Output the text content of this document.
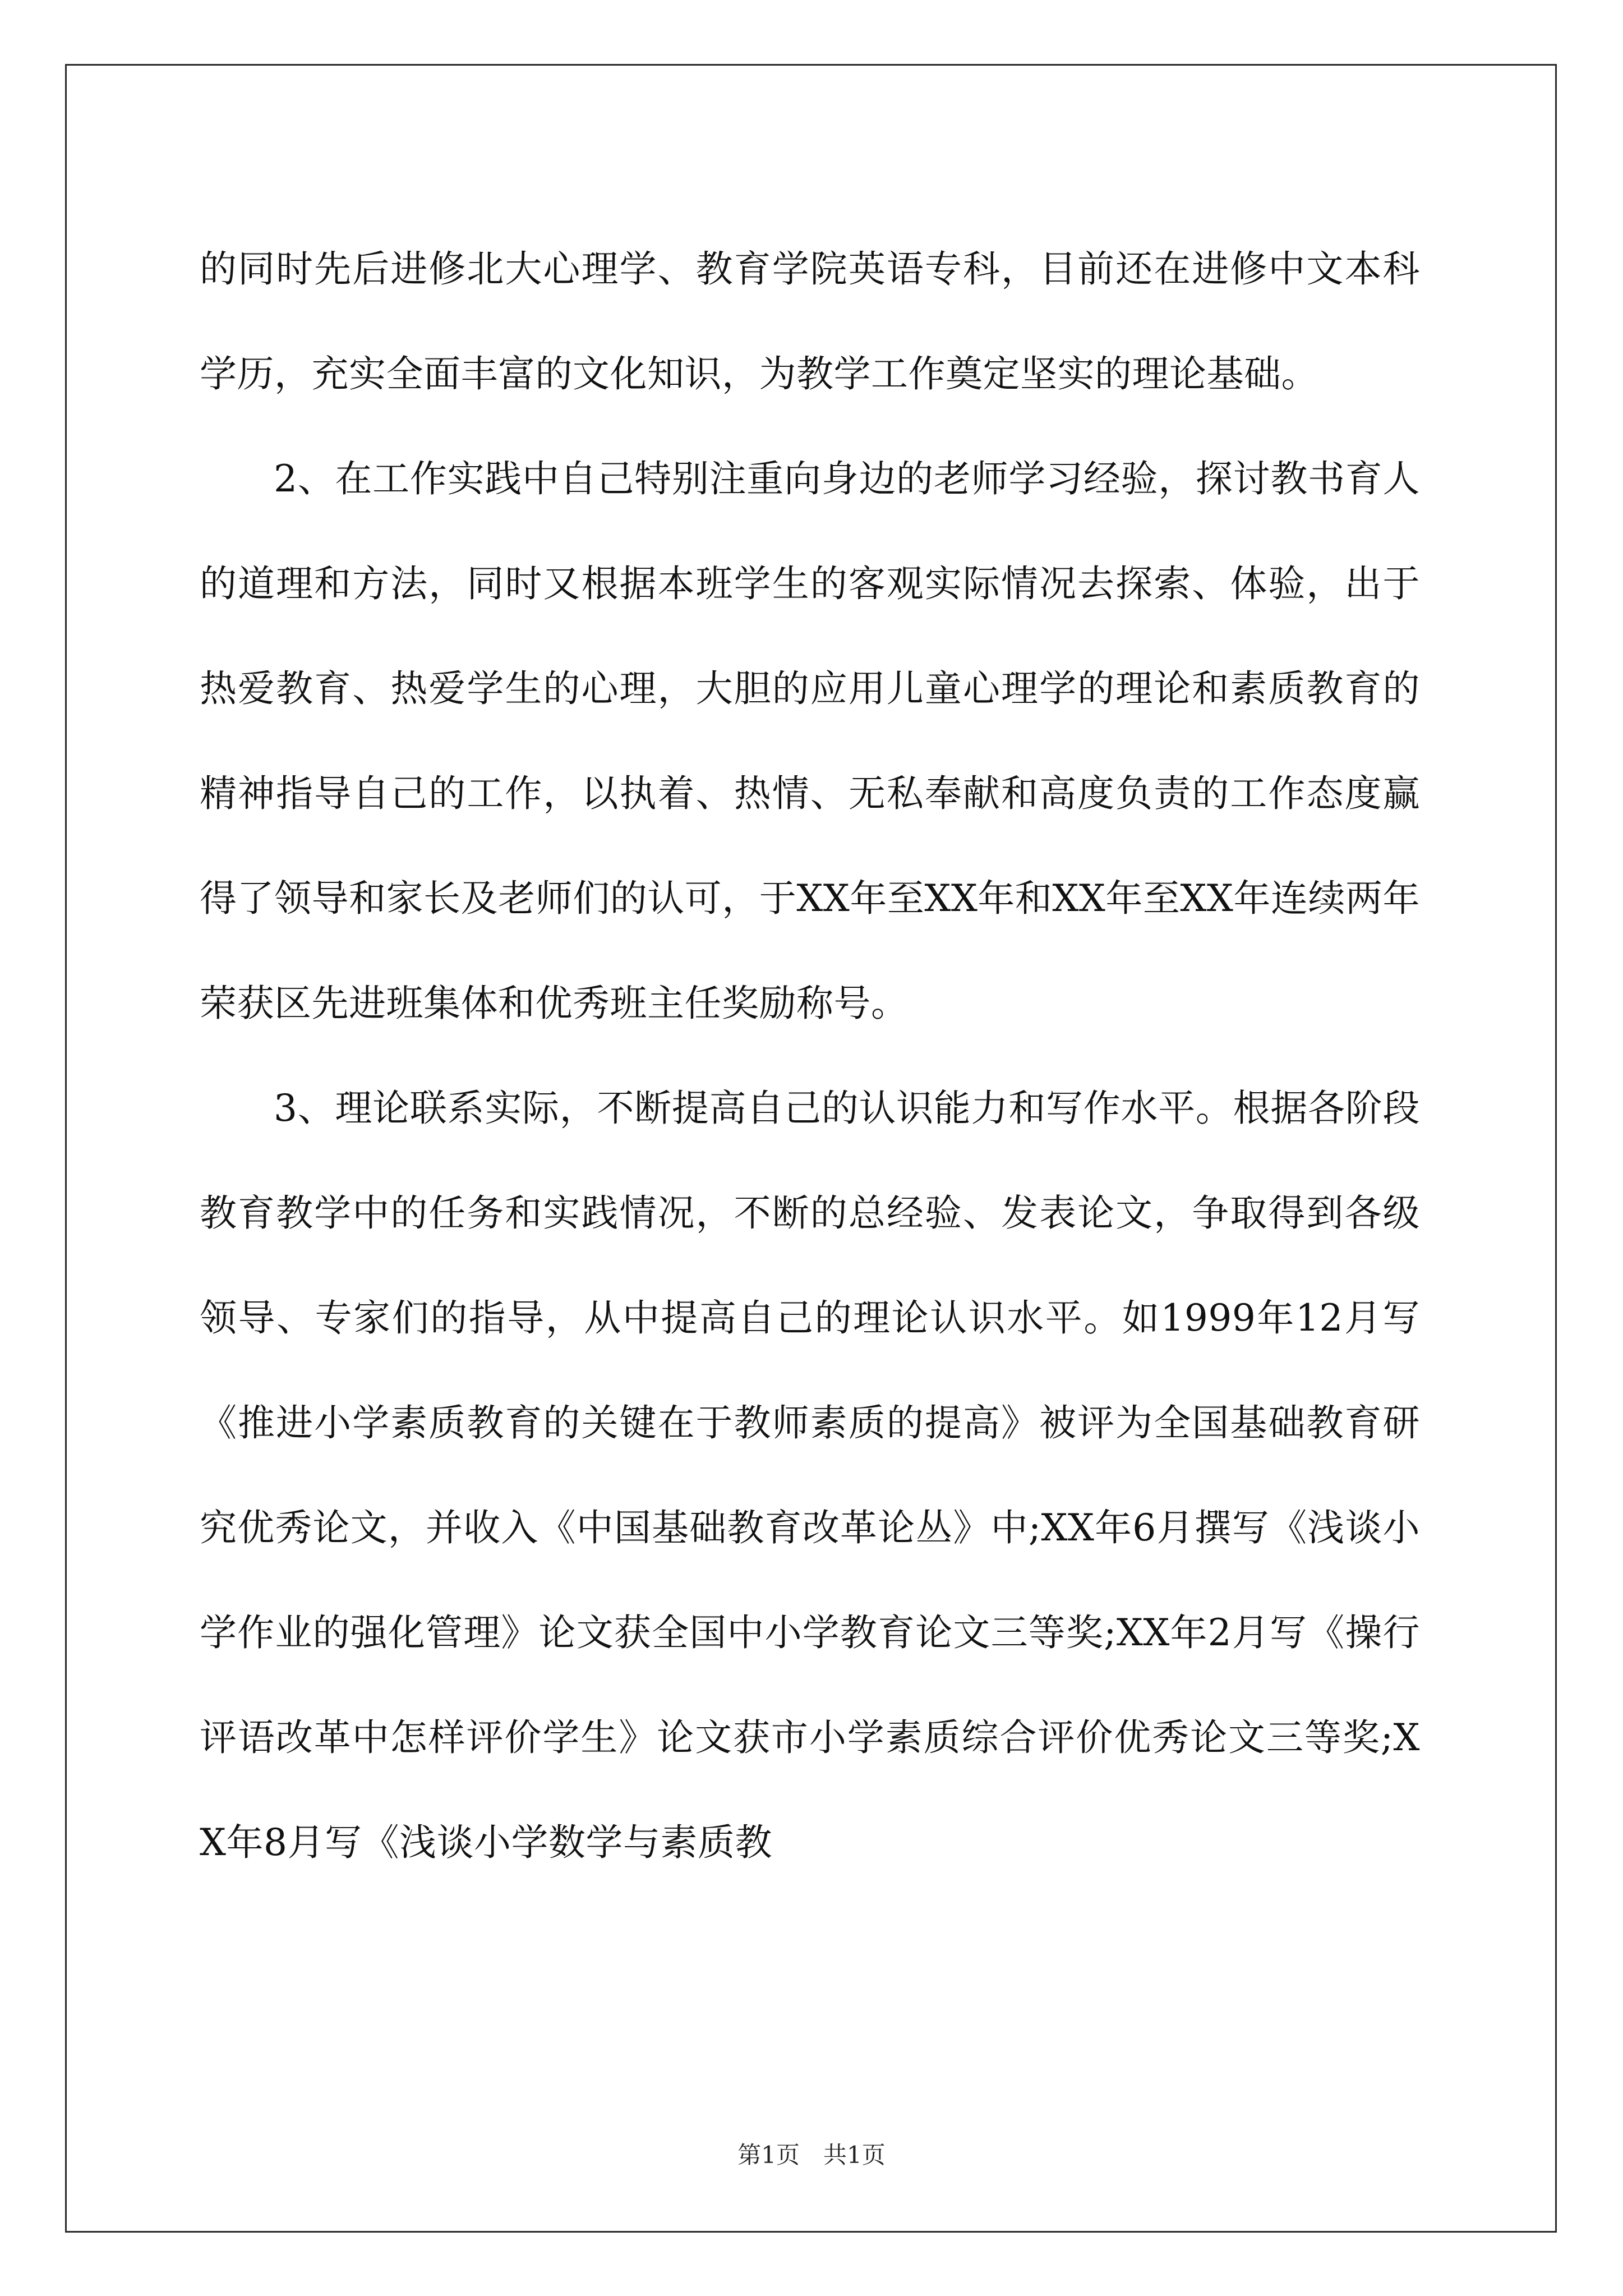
的同时先后进修北大心理学、教育学院英语专科，目前还在进修中文本科学历，充实全面丰富的文化知识，为教学工作奠定坚实的理论基础。

2、在工作实践中自己特别注重向身边的老师学习经验，探讨教书育人的道理和方法，同时又根据本班学生的客观实际情况去探索、体验，出于热爱教育、热爱学生的心理，大胆的应用儿童心理学的理论和素质教育的精神指导自己的工作，以执着、热情、无私奉献和高度负责的工作态度赢得了领导和家长及老师们的认可，于XX年至XX年和XX年至XX年连续两年荣获区先进班集体和优秀班主任奖励称号。

3、理论联系实际，不断提高自己的认识能力和写作水平。根据各阶段教育教学中的任务和实践情况，不断的总经验、发表论文，争取得到各级领导、专家们的指导，从中提高自己的理论认识水平。如1999年12月写《推进小学素质教育的关键在于教师素质的提高》被评为全国基础教育研究优秀论文，并收入《中国基础教育改革论丛》中;XX年6月撰写《浅谈小学作业的强化管理》论文获全国中小学教育论文三等奖;XX年2月写《操行评语改革中怎样评价学生》论文获市小学素质综合评价优秀论文三等奖;XX年8月写《浅谈小学数学与素质教

第1页　共1页
